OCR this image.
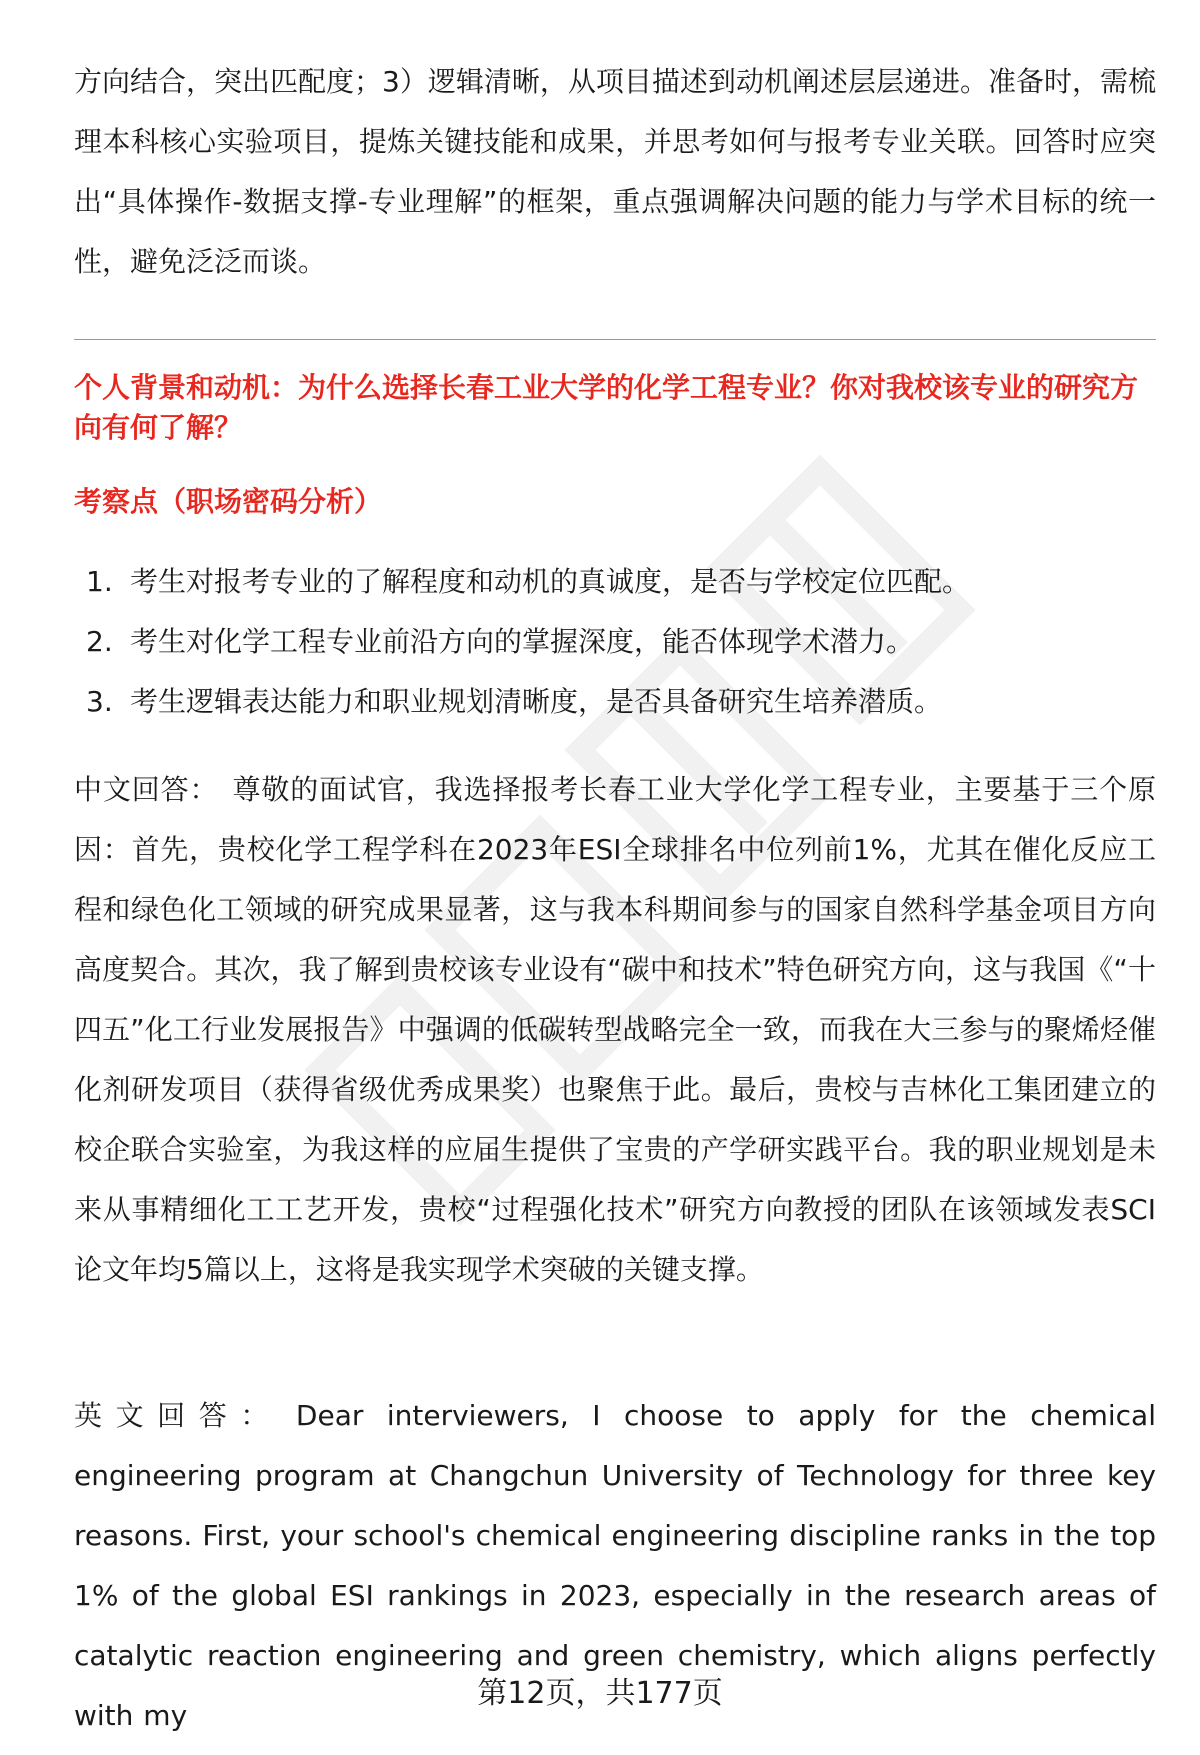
方向结合，突出匹配度；3）逻辑清晰，从项目描述到动机阐述层层递进。准备时，需梳理本科核心实验项目，提炼关键技能和成果，并思考如何与报考专业关联。回答时应突出“具体操作-数据支撑-专业理解”的框架，重点强调解决问题的能力与学术目标的统一性，避免泛泛而谈。

个人背景和动机：为什么选择长春工业大学的化学工程专业？你对我校该专业的研究方向有何了解？

考察点（职场密码分析）

1. 考生对报考专业的了解程度和动机的真诚度，是否与学校定位匹配。
2. 考生对化学工程专业前沿方向的掌握深度，能否体现学术潜力。
3. 考生逻辑表达能力和职业规划清晰度，是否具备研究生培养潜质。

中文回答： 尊敬的面试官，我选择报考长春工业大学化学工程专业，主要基于三个原因：首先，贵校化学工程学科在2023年ESI全球排名中位列前1%，尤其在催化反应工程和绿色化工领域的研究成果显著，这与我本科期间参与的国家自然科学基金项目方向高度契合。其次，我了解到贵校该专业设有“碳中和技术”特色研究方向，这与我国《“十四五”化工行业发展报告》中强调的低碳转型战略完全一致，而我在大三参与的聚烯烃催化剂研发项目（获得省级优秀成果奖）也聚焦于此。最后，贵校与吉林化工集团建立的校企联合实验室，为我这样的应届生提供了宝贵的产学研实践平台。我的职业规划是未来从事精细化工工艺开发，贵校“过程强化技术”研究方向教授的团队在该领域发表SCI论文年均5篇以上，这将是我实现学术突破的关键支撑。

英文回答： Dear interviewers, I choose to apply for the chemical engineering program at Changchun University of Technology for three key reasons. First, your school's chemical engineering discipline ranks in the top 1% of the global ESI rankings in 2023, especially in the research areas of catalytic reaction engineering and green chemistry, which aligns perfectly with my

第12页，共177页
